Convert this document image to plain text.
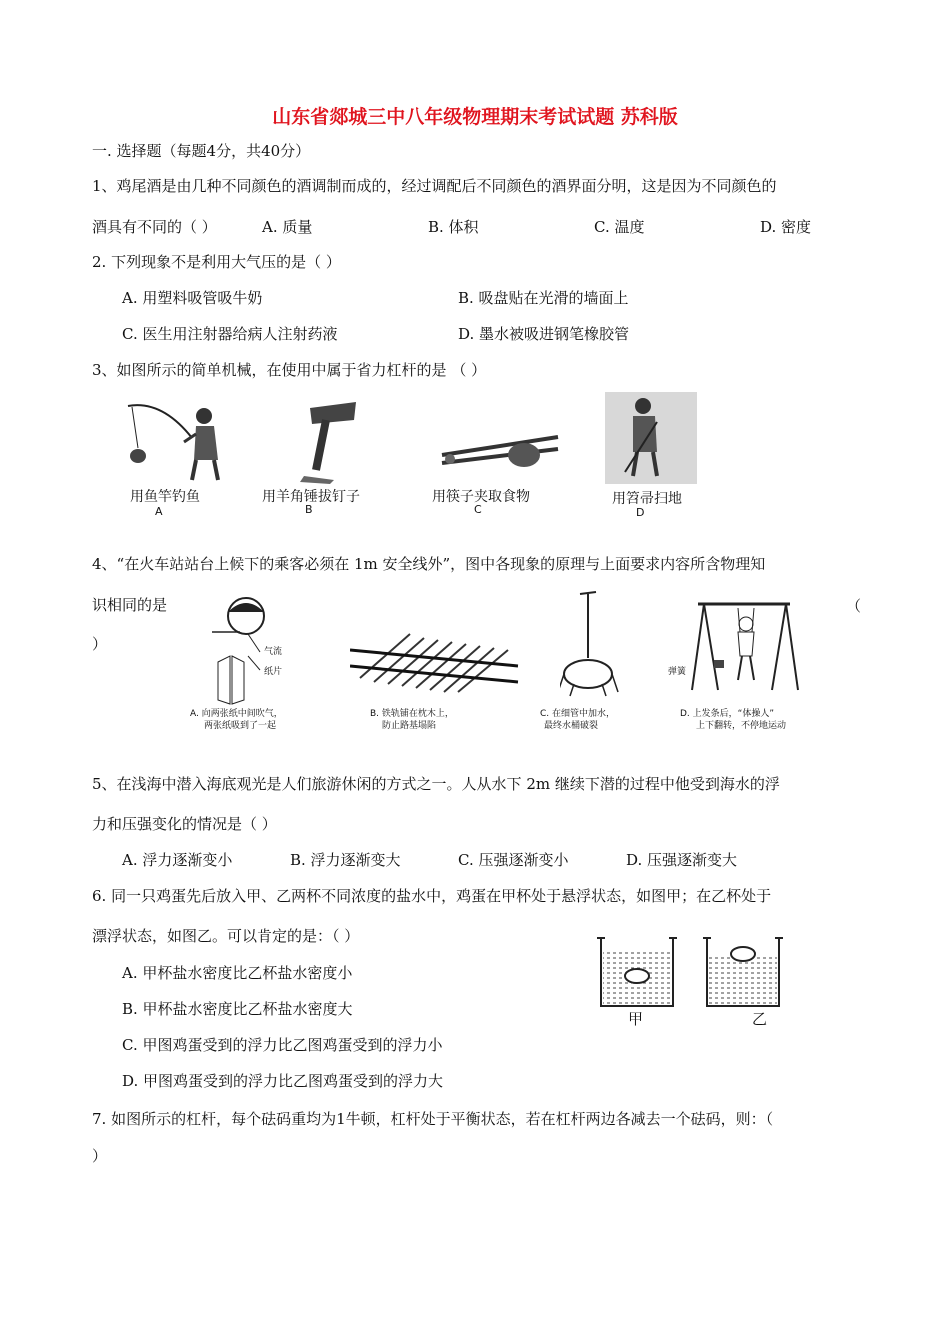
山东省郯城三中八年级物理期末考试试题 苏科版
一. 选择题（每题4分，共40分）
1、鸡尾酒是由几种不同颜色的酒调制而成的，经过调配后不同颜色的酒界面分明，这是因为不同颜色的
酒具有不同的（ ）	A. 质量	B. 体积	C. 温度	D. 密度
2. 下列现象不是利用大气压的是（ ）
A. 用塑料吸管吸牛奶	B. 吸盘贴在光滑的墙面上
C. 医生用注射器给病人注射药液	D. 墨水被吸进钢笔橡胶管
3、如图所示的简单机械，在使用中属于省力杠杆的是 （ ）
用鱼竿钓鱼
A
用羊角锤拔钉子
B
用筷子夹取食物
C
用笤帚扫地
D
4、“在火车站站台上候下的乘客必须在 1m 安全线外”，图中各现象的原理与上面要求内容所含物理知
识相同的是	（
）	气流
纸片
A. 向两张纸中间吹气，
两张纸吸到了一起
B. 铁轨铺在枕木上，
防止路基塌陷
C. 在细管中加水，
最终水桶破裂
弹簧
D. 上发条后，“体操人”
上下翻转，不停地运动
5、在浅海中潜入海底观光是人们旅游休闲的方式之一。人从水下 2m 继续下潜的过程中他受到海水的浮
力和压强变化的情况是（ ）
A. 浮力逐渐变小	B. 浮力逐渐变大	C. 压强逐渐变小	D. 压强逐渐变大
6. 同一只鸡蛋先后放入甲、乙两杯不同浓度的盐水中，鸡蛋在甲杯处于悬浮状态，如图甲；在乙杯处于
漂浮状态，如图乙。可以肯定的是：（ ）
A. 甲杯盐水密度比乙杯盐水密度小
B. 甲杯盐水密度比乙杯盐水密度大
C. 甲图鸡蛋受到的浮力比乙图鸡蛋受到的浮力小
D. 甲图鸡蛋受到的浮力比乙图鸡蛋受到的浮力大
甲	乙
7. 如图所示的杠杆，每个砝码重均为1牛顿，杠杆处于平衡状态，若在杠杆两边各减去一个砝码，则：（
）
